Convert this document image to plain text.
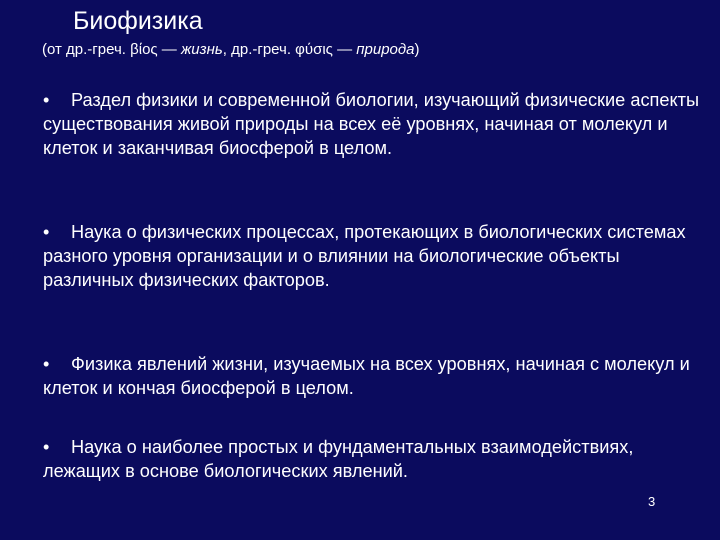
Биофизика
(от др.-греч. βίος — жизнь, др.-греч. φύσις — природа)

• Раздел физики и современной биологии, изучающий физические аспекты существования живой природы на всех её уровнях, начиная от молекул и клеток и заканчивая биосферой в целом.

• Наука о физических процессах, протекающих в биологических системах разного уровня организации и о влиянии на биологические объекты различных физических факторов.

• Физика явлений жизни, изучаемых на всех уровнях, начиная с молекул и клеток и кончая биосферой в целом.

• Наука о наиболее простых и фундаментальных взаимодействиях, лежащих в основе биологических явлений.

3
